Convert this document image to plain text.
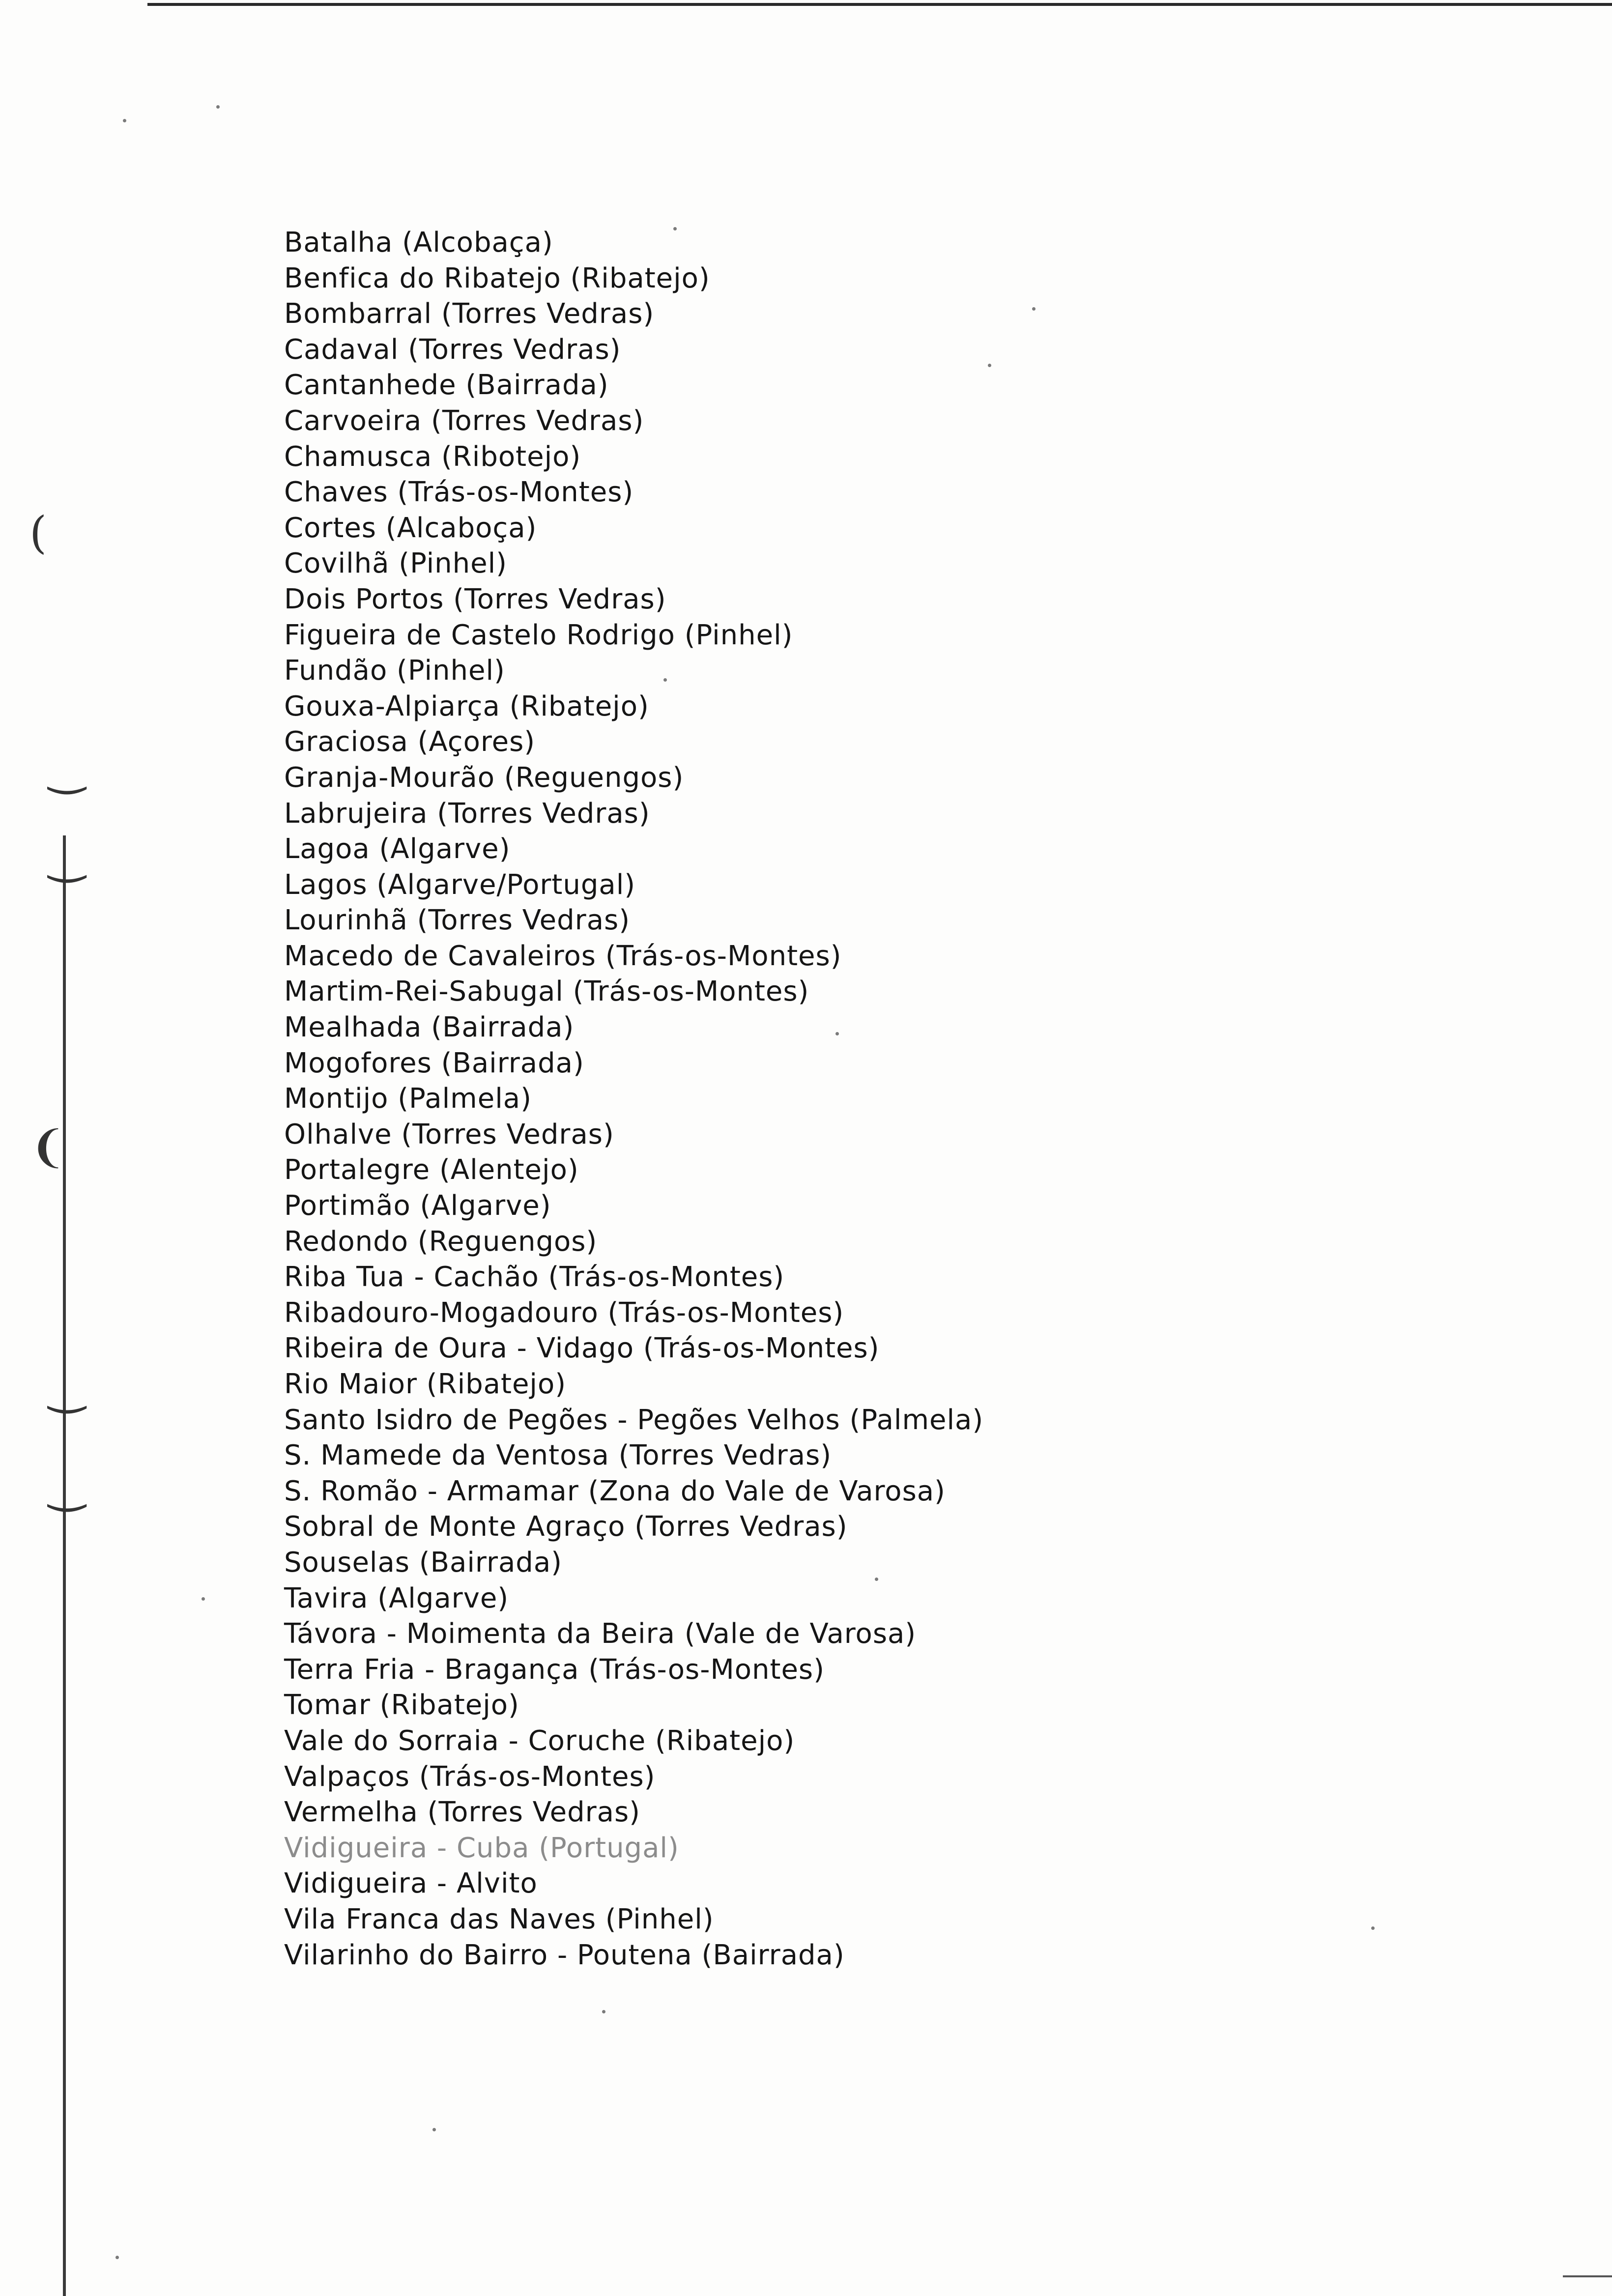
(
‿
‿
❨
‿
‿
Batalha (Alcobaça)
Benfica do Ribatejo (Ribatejo)
Bombarral (Torres Vedras)
Cadaval (Torres Vedras)
Cantanhede (Bairrada)
Carvoeira (Torres Vedras)
Chamusca (Ribotejo)
Chaves (Trás-os-Montes)
Cortes (Alcaboça)
Covilhã (Pinhel)
Dois Portos (Torres Vedras)
Figueira de Castelo Rodrigo (Pinhel)
Fundão (Pinhel)
Gouxa-Alpiarça (Ribatejo)
Graciosa (Açores)
Granja-Mourão (Reguengos)
Labrujeira (Torres Vedras)
Lagoa (Algarve)
Lagos (Algarve/Portugal)
Lourinhã (Torres Vedras)
Macedo de Cavaleiros (Trás-os-Montes)
Martim-Rei-Sabugal (Trás-os-Montes)
Mealhada (Bairrada)
Mogofores (Bairrada)
Montijo (Palmela)
Olhalve (Torres Vedras)
Portalegre (Alentejo)
Portimão (Algarve)
Redondo (Reguengos)
Riba Tua - Cachão (Trás-os-Montes)
Ribadouro-Mogadouro (Trás-os-Montes)
Ribeira de Oura - Vidago (Trás-os-Montes)
Rio Maior (Ribatejo)
Santo Isidro de Pegões - Pegões Velhos (Palmela)
S. Mamede da Ventosa (Torres Vedras)
S. Romão - Armamar (Zona do Vale de Varosa)
Sobral de Monte Agraço (Torres Vedras)
Souselas (Bairrada)
Tavira (Algarve)
Távora - Moimenta da Beira (Vale de Varosa)
Terra Fria - Bragança (Trás-os-Montes)
Tomar (Ribatejo)
Vale do Sorraia - Coruche (Ribatejo)
Valpaços (Trás-os-Montes)
Vermelha (Torres Vedras)
Vidigueira - Cuba (Portugal)
Vidigueira - Alvito
Vila Franca das Naves (Pinhel)
Vilarinho do Bairro - Poutena (Bairrada)
